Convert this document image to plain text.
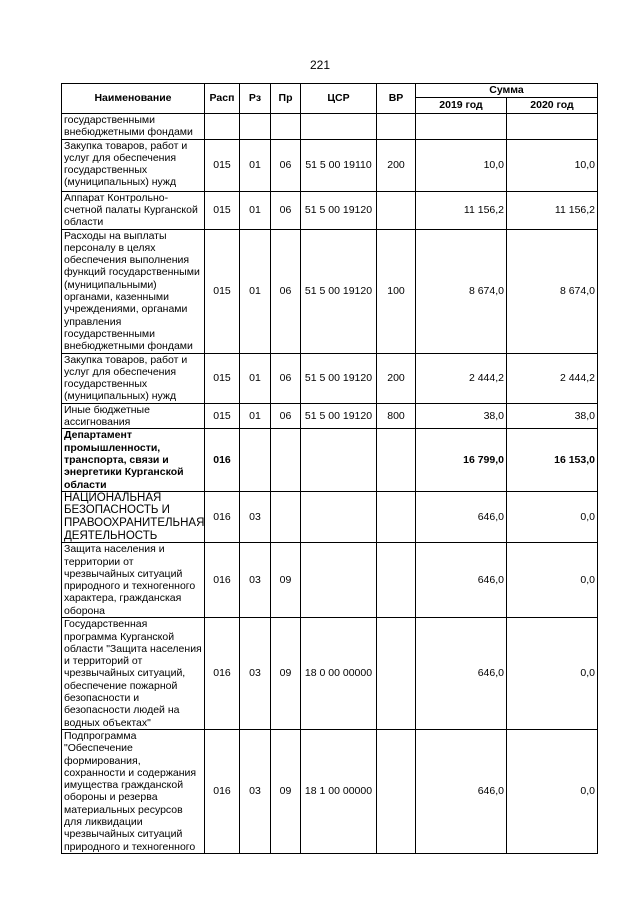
221
Наименование	Расп	Рз	Пр	ЦСР	ВР	Сумма	
						2019 год	2020 год
государственными внебюджетными фондами							
Закупка товаров, работ и услуг для обеспечения государственных (муниципальных) нужд	015	01	06	51 5 00 19110	200	10,0	10,0
Аппарат Контрольно-счетной палаты Курганской области	015	01	06	51 5 00 19120		11 156,2	11 156,2
Расходы на выплаты персоналу в целях обеспечения выполнения функций государственными (муниципальными) органами, казенными учреждениями, органами управления государственными внебюджетными фондами	015	01	06	51 5 00 19120	100	8 674,0	8 674,0
Закупка товаров, работ и услуг для обеспечения государственных (муниципальных) нужд	015	01	06	51 5 00 19120	200	2 444,2	2 444,2
Иные бюджетные ассигнования	015	01	06	51 5 00 19120	800	38,0	38,0
Департамент промышленности, транспорта, связи и энергетики Курганской области	016					16 799,0	16 153,0
НАЦИОНАЛЬНАЯ БЕЗОПАСНОСТЬ И ПРАВООХРАНИТЕЛЬНАЯ ДЕЯТЕЛЬНОСТЬ	016	03				646,0	0,0
Защита населения и территории от чрезвычайных ситуаций природного и техногенного характера, гражданская оборона	016	03	09			646,0	0,0
Государственная программа Курганской области "Защита населения и территорий от чрезвычайных ситуаций, обеспечение пожарной безопасности и безопасности людей на водных объектах"	016	03	09	18 0 00 00000		646,0	0,0
Подпрограмма "Обеспечение формирования, сохранности и содержания имущества гражданской обороны и резерва материальных ресурсов для ликвидации чрезвычайных ситуаций природного и техногенного	016	03	09	18 1 00 00000		646,0	0,0
